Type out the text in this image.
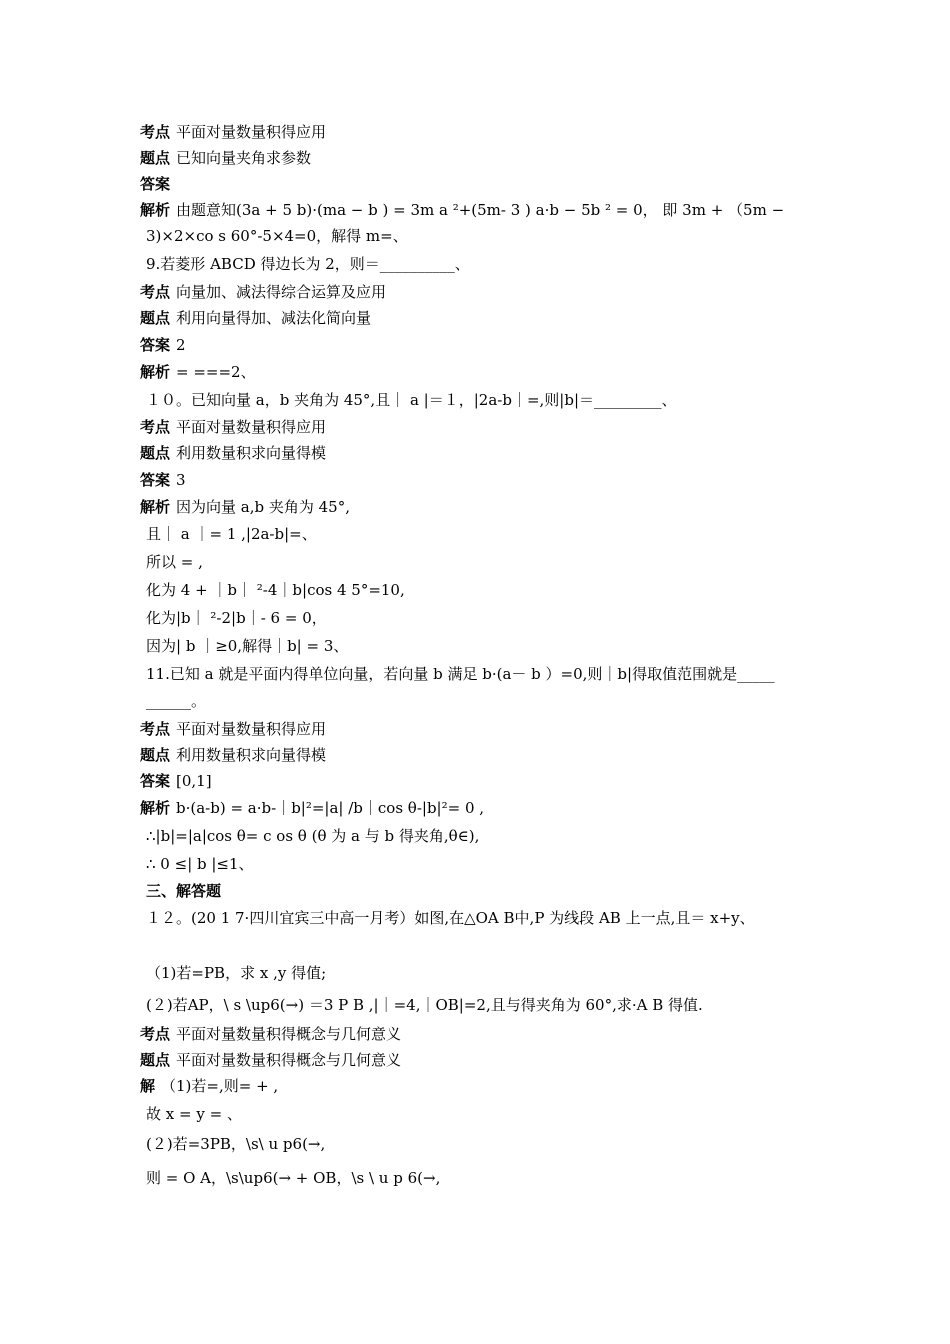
考点 平面对量数量积得应用
题点 已知向量夹角求参数
答案
解析 由题意知(3a + 5 b)·(ma − b ) = 3m a ²+(5m- 3 ) a·b − 5b ² = 0， 即 3m + （5m −
3)×2×co s 60°-5×4=0，解得 m=、
9.若菱形 ABCD 得边长为 2，则＝__________、
考点 向量加、减法得综合运算及应用
题点 利用向量得加、减法化简向量
答案 2
解析 = ===2、
１０。已知向量 a，b 夹角为 45°,且｜ a |＝１，|2a-b｜=,则|b|＝_________、
考点 平面对量数量积得应用
题点 利用数量积求向量得模
答案 3
解析 因为向量 a,b 夹角为 45°,
且｜ a ｜= 1 ,|2a-b|=、
所以 = ,
化为 4 + ｜b｜ ²-4｜b|cos 4 5°=10,
化为|b｜ ²-2|b｜- 6 = 0，
因为| b ｜≥0,解得｜b| = 3、
11.已知 a 就是平面内得单位向量，若向量 b 满足 b·(a－ b ）=0,则｜b|得取值范围就是_____
______。
考点 平面对量数量积得应用
题点 利用数量积求向量得模
答案 [0,1]
解析 b·(a-b) = a·b-｜b|²=|a| /b｜cos θ-|b|²= 0 ,
∴|b|=|a|cos θ= c os θ (θ 为 a 与 b 得夹角,θ∈),
∴ 0 ≤| b |≤1、
三、解答题
１２。(20 1 7·四川宜宾三中高一月考）如图,在△OA B中,P 为线段 AB 上一点,且＝ x+y、
（1)若=PB，求 x ,y 得值;
(２)若AP，\ s \up6(→) ＝3 P B ,|｜=4,｜OB|=2,且与得夹角为 60°,求·A B 得值.
考点 平面对量数量积得概念与几何意义
题点 平面对量数量积得概念与几何意义
解 （1)若=,则= + ,
故 x = y = 、
(２)若=3PB，\s\ u p6(→,
则 = O A，\s\up6(→ + OB，\s \ u p 6(→,
